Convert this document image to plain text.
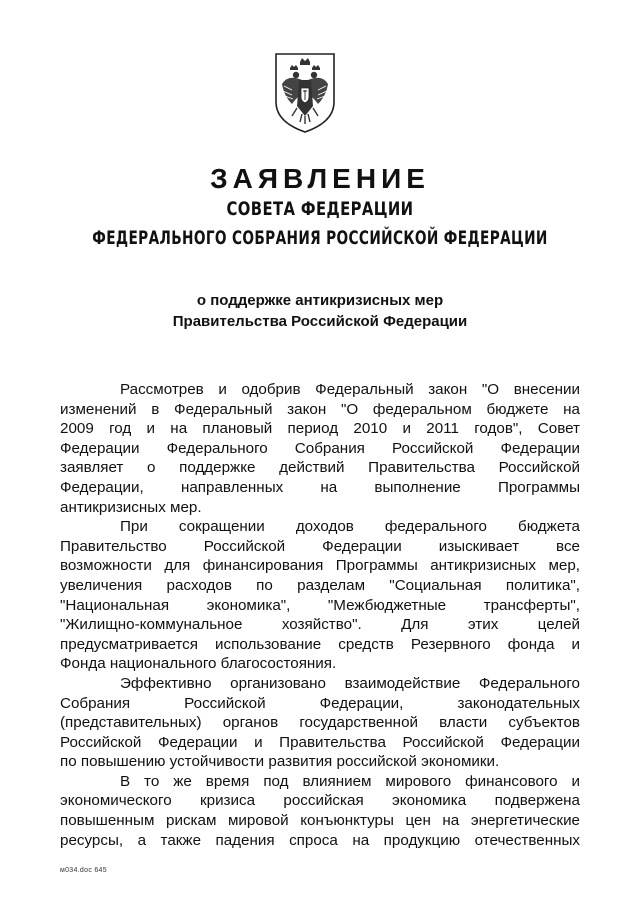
ЗАЯВЛЕНИЕ
СОВЕТА ФЕДЕРАЦИИ
ФЕДЕРАЛЬНОГО СОБРАНИЯ РОССИЙСКОЙ ФЕДЕРАЦИИ
о поддержке антикризисных мер
Правительства Российской Федерации
Рассмотрев и одобрив Федеральный закон "О внесении
изменений в Федеральный закон "О федеральном бюджете на
2009 год и на плановый период 2010 и 2011 годов", Совет
Федерации Федерального Собрания Российской Федерации
заявляет о поддержке действий Правительства Российской
Федерации, направленных на выполнение Программы
антикризисных мер.
При сокращении доходов федерального бюджета
Правительство Российской Федерации изыскивает все
возможности для финансирования Программы антикризисных мер,
увеличения расходов по разделам "Социальная политика",
"Национальная экономика", "Межбюджетные трансферты",
"Жилищно-коммунальное хозяйство". Для этих целей
предусматривается использование средств Резервного фонда и
Фонда национального благосостояния.
Эффективно организовано взаимодействие Федерального
Собрания Российской Федерации, законодательных
(представительных) органов государственной власти субъектов
Российской Федерации и Правительства Российской Федерации
по повышению устойчивости развития российской экономики.
В то же время под влиянием мирового финансового и
экономического кризиса российская экономика подвержена
повышенным рискам мировой конъюнктуры цен на энергетические
ресурсы, а также падения спроса на продукцию отечественных
м034.doc 645
